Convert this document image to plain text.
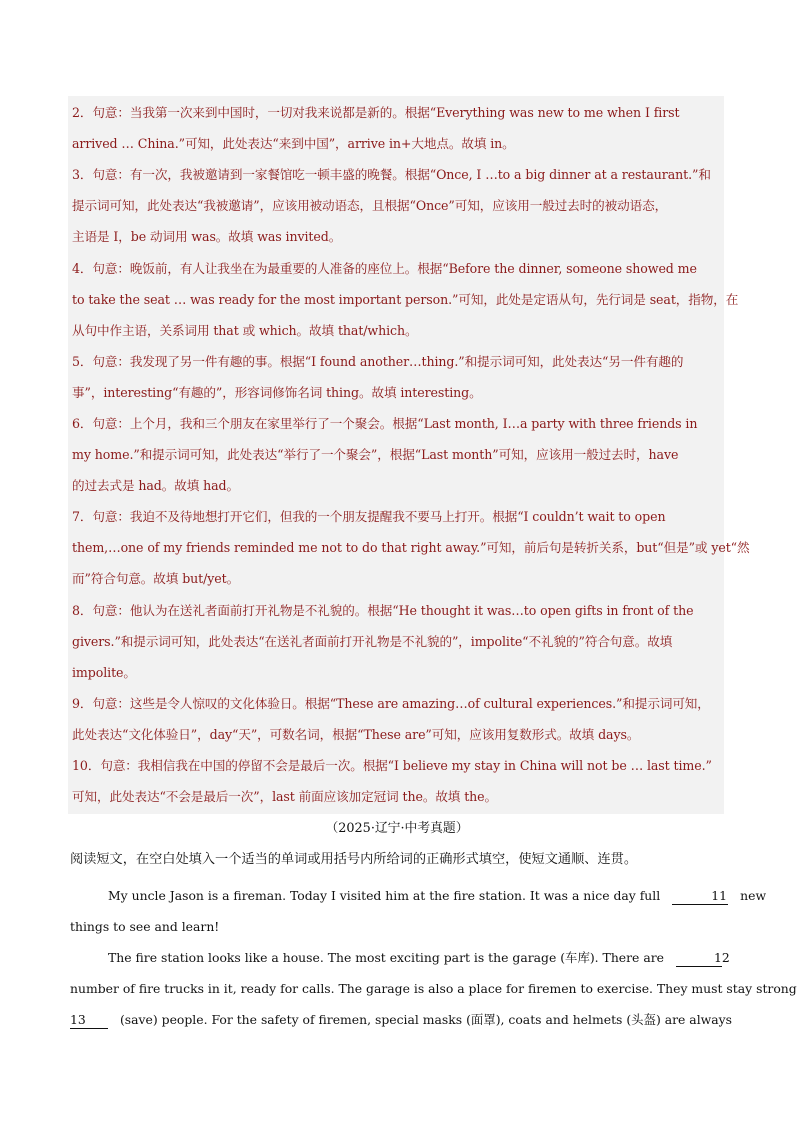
2．句意：当我第一次来到中国时，一切对我来说都是新的。根据“Everything was new to me when I first
arrived … China.”可知，此处表达“来到中国”，arrive in+大地点。故填 in。
3．句意：有一次，我被邀请到一家餐馆吃一顿丰盛的晚餐。根据“Once, I …to a big dinner at a restaurant.”和
提示词可知，此处表达“我被邀请”，应该用被动语态，且根据“Once”可知，应该用一般过去时的被动语态，
主语是 I，be 动词用 was。故填 was invited。
4．句意：晚饭前，有人让我坐在为最重要的人准备的座位上。根据“Before the dinner, someone showed me
to take the seat … was ready for the most important person.”可知，此处是定语从句，先行词是 seat，指物，在
从句中作主语，关系词用 that 或 which。故填 that/which。
5．句意：我发现了另一件有趣的事。根据“I found another…thing.”和提示词可知，此处表达“另一件有趣的
事”，interesting“有趣的”，形容词修饰名词 thing。故填 interesting。
6．句意：上个月，我和三个朋友在家里举行了一个聚会。根据“Last month, I…a party with three friends in
my home.”和提示词可知，此处表达“举行了一个聚会”，根据“Last month”可知，应该用一般过去时，have
的过去式是 had。故填 had。
7．句意：我迫不及待地想打开它们，但我的一个朋友提醒我不要马上打开。根据“I couldn’t wait to open
them,…one of my friends reminded me not to do that right away.”可知，前后句是转折关系，but“但是”或 yet“然
而”符合句意。故填 but/yet。
8．句意：他认为在送礼者面前打开礼物是不礼貌的。根据“He thought it was…to open gifts in front of the
givers.”和提示词可知，此处表达“在送礼者面前打开礼物是不礼貌的”，impolite“不礼貌的”符合句意。故填
impolite。
9．句意：这些是令人惊叹的文化体验日。根据“These are amazing…of cultural experiences.”和提示词可知，
此处表达“文化体验日”，day“天”，可数名词，根据“These are”可知，应该用复数形式。故填 days。
10．句意：我相信我在中国的停留不会是最后一次。根据“I believe my stay in China will not be … last time.”
可知，此处表达“不会是最后一次”，last 前面应该加定冠词 the。故填 the。
（2025·辽宁·中考真题）
阅读短文，在空白处填入一个适当的单词或用括号内所给词的正确形式填空，使短文通顺、连贯。
My uncle Jason is a fireman. Today I visited him at the fire station. It was a nice day full	11 new
things to see and learn!
The fire station looks like a house. The most exciting part is the garage (车库). There are	12
number of fire trucks in it, ready for calls. The garage is also a place for firemen to exercise. They must stay strong
13	(save) people. For the safety of firemen, special masks (面罩), coats and helmets (头盔) are always
